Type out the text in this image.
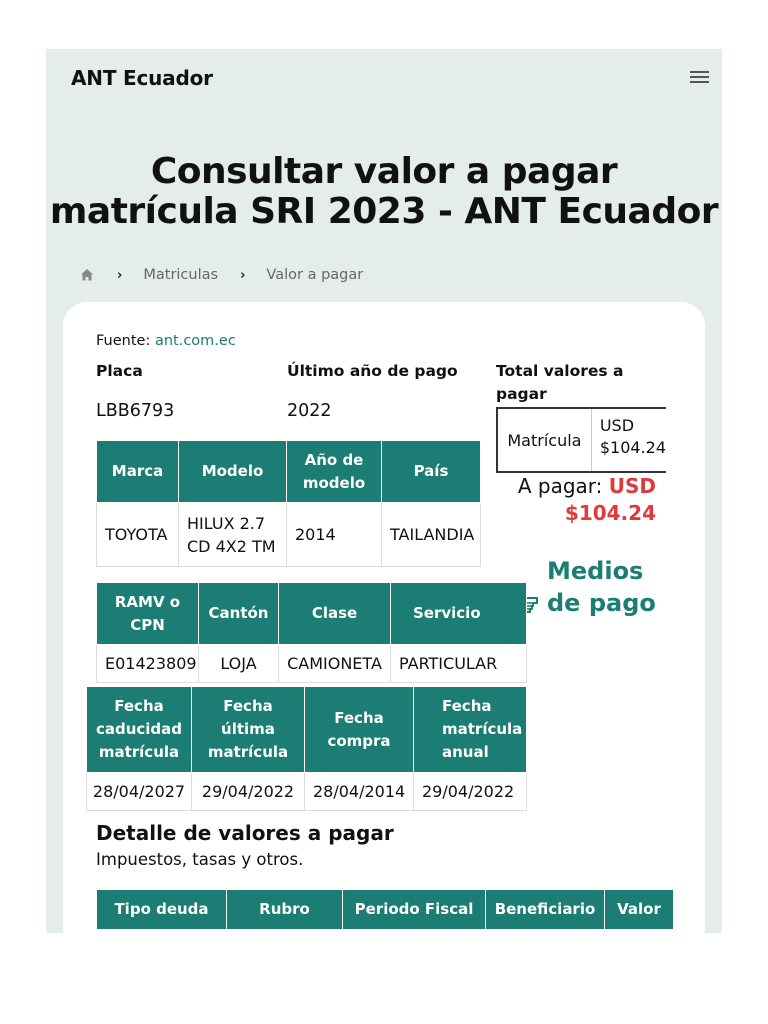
ANT Ecuador
Consultar valor a pagar
matrícula SRI 2023 - ANT Ecuador
› Matriculas › Valor a pagar
Fuente: ant.com.ec
Placa
LBB6793
Último año de pago
2022
Total valores a pagar
Matrícula
USD
$104.24
A pagar: USD
$104.24
Medios de pago
Marca	Modelo	Año de modelo	País
TOYOTA	HILUX 2.7 CD 4X2 TM	2014	TAILANDIA
RAMV o CPN	Cantón	Clase	Servicio
E01423809	LOJA	CAMIONETA	PARTICULAR
Fecha caducidad matrícula	Fecha última matrícula	Fecha compra	Fecha matrícula anual
28/04/2027	29/04/2022	28/04/2014	29/04/2022
Detalle de valores a pagar
Impuestos, tasas y otros.
Tipo deuda	Rubro	Periodo Fiscal	Beneficiario	Valor
